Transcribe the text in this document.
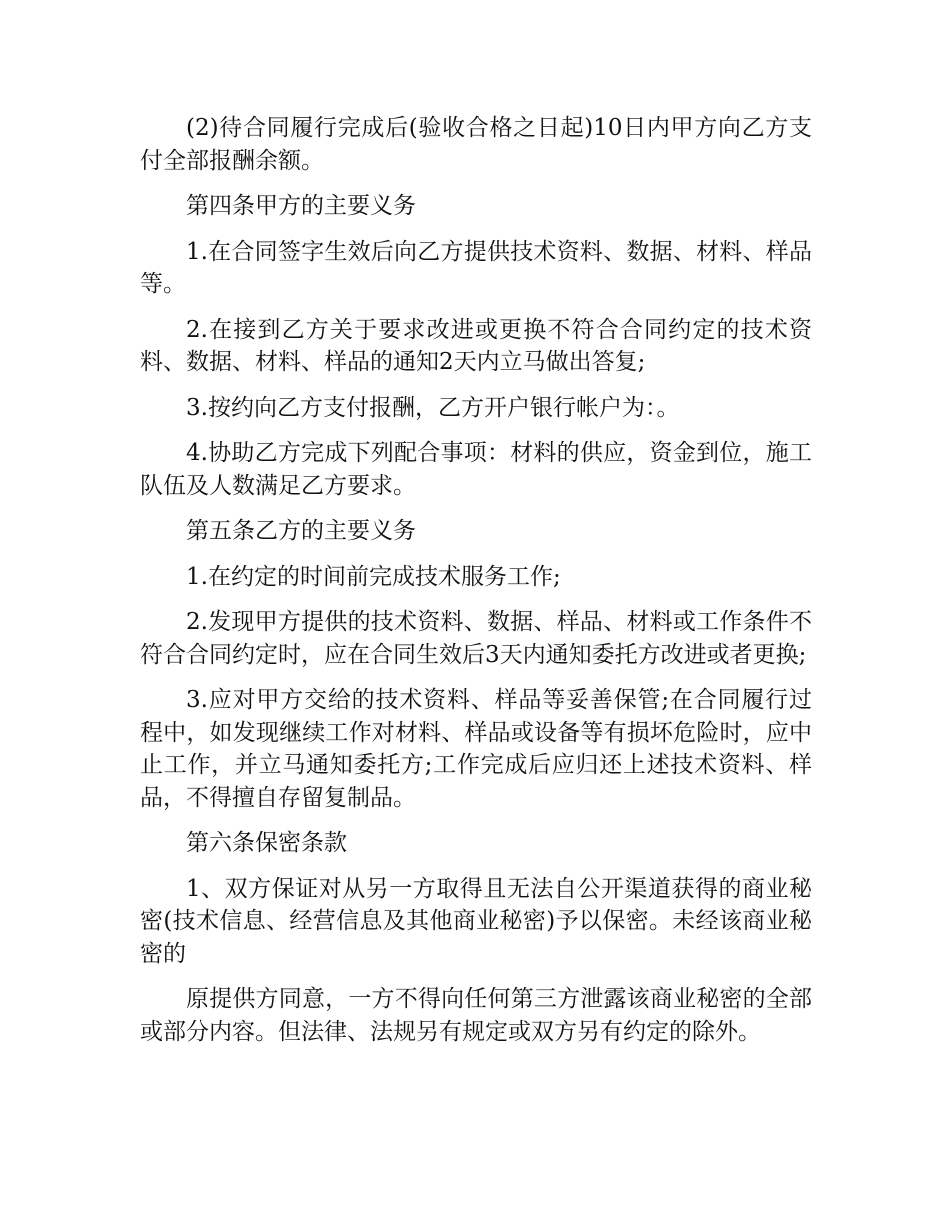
(2)待合同履行完成后(验收合格之日起)10日内甲方向乙方支付全部报酬余额。

第四条甲方的主要义务

1.在合同签字生效后向乙方提供技术资料、数据、材料、样品等。

2.在接到乙方关于要求改进或更换不符合合同约定的技术资料、数据、材料、样品的通知2天内立马做出答复;

3.按约向乙方支付报酬，乙方开户银行帐户为：。

4.协助乙方完成下列配合事项：材料的供应，资金到位，施工队伍及人数满足乙方要求。

第五条乙方的主要义务

1.在约定的时间前完成技术服务工作;

2.发现甲方提供的技术资料、数据、样品、材料或工作条件不符合合同约定时，应在合同生效后3天内通知委托方改进或者更换;

3.应对甲方交给的技术资料、样品等妥善保管;在合同履行过程中，如发现继续工作对材料、样品或设备等有损坏危险时，应中止工作，并立马通知委托方;工作完成后应归还上述技术资料、样品，不得擅自存留复制品。

第六条保密条款

1、双方保证对从另一方取得且无法自公开渠道获得的商业秘密(技术信息、经营信息及其他商业秘密)予以保密。未经该商业秘密的

原提供方同意，一方不得向任何第三方泄露该商业秘密的全部或部分内容。但法律、法规另有规定或双方另有约定的除外。
